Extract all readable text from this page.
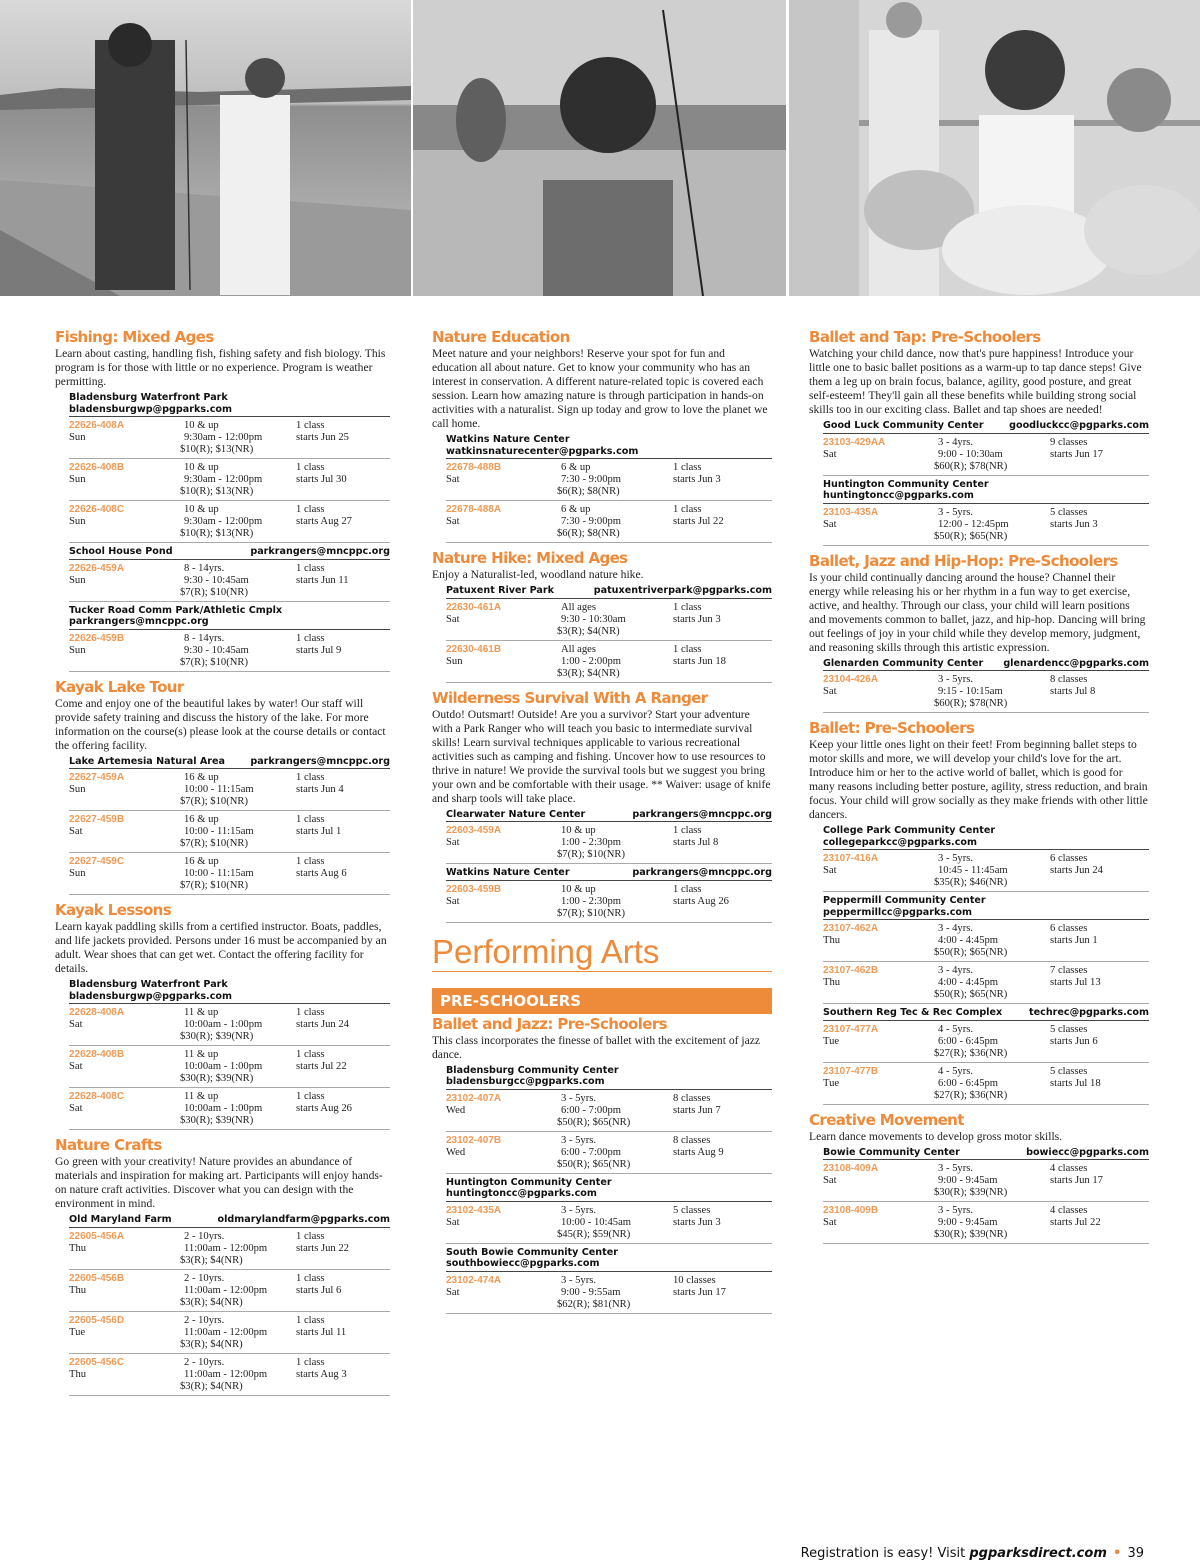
Fishing: Mixed Ages
Learn about casting, handling fish, fishing safety and fish biology. This program is for those with little or no experience. Program is weather permitting.
Bladensburg Waterfront Park
bladensburgwp@pgparks.com
22626-408A
Sun
10 & up
9:30am - 12:00pm
$10(R); $13(NR)
1 class
starts Jun 25
22626-408B
Sun
10 & up
9:30am - 12:00pm
$10(R); $13(NR)
1 class
starts Jul 30
22626-408C
Sun
10 & up
9:30am - 12:00pm
$10(R); $13(NR)
1 class
starts Aug 27
School House Pond	parkrangers@mncppc.org
22626-459A
Sun
8 - 14yrs.
9:30 - 10:45am
$7(R); $10(NR)
1 class
starts Jun 11
Tucker Road Comm Park/Athletic Cmplx
parkrangers@mncppc.org
22626-459B
Sun
8 - 14yrs.
9:30 - 10:45am
$7(R); $10(NR)
1 class
starts Jul 9
Kayak Lake Tour
Come and enjoy one of the beautiful lakes by water! Our staff will provide safety training and discuss the history of the lake. For more information on the course(s) please look at the course details or contact the offering facility.
Lake Artemesia Natural Area	parkrangers@mncppc.org
22627-459A
Sun
16 & up
10:00 - 11:15am
$7(R); $10(NR)
1 class
starts Jun 4
22627-459B
Sat
16 & up
10:00 - 11:15am
$7(R); $10(NR)
1 class
starts Jul 1
22627-459C
Sun
16 & up
10:00 - 11:15am
$7(R); $10(NR)
1 class
starts Aug 6
Kayak Lessons
Learn kayak paddling skills from a certified instructor. Boats, paddles, and life jackets provided. Persons under 16 must be accompanied by an adult. Wear shoes that can get wet. Contact the offering facility for details.
Bladensburg Waterfront Park
bladensburgwp@pgparks.com
22628-408A
Sat
11 & up
10:00am - 1:00pm
$30(R); $39(NR)
1 class
starts Jun 24
22628-408B
Sat
11 & up
10:00am - 1:00pm
$30(R); $39(NR)
1 class
starts Jul 22
22628-408C
Sat
11 & up
10:00am - 1:00pm
$30(R); $39(NR)
1 class
starts Aug 26
Nature Crafts
Go green with your creativity! Nature provides an abundance of materials and inspiration for making art. Participants will enjoy hands-on nature craft activities. Discover what you can design with the environment in mind.
Old Maryland Farm	oldmarylandfarm@pgparks.com
22605-456A
Thu
2 - 10yrs.
11:00am - 12:00pm
$3(R); $4(NR)
1 class
starts Jun 22
22605-456B
Thu
2 - 10yrs.
11:00am - 12:00pm
$3(R); $4(NR)
1 class
starts Jul 6
22605-456D
Tue
2 - 10yrs.
11:00am - 12:00pm
$3(R); $4(NR)
1 class
starts Jul 11
22605-456C
Thu
2 - 10yrs.
11:00am - 12:00pm
$3(R); $4(NR)
1 class
starts Aug 3
Nature Education
Meet nature and your neighbors! Reserve your spot for fun and education all about nature. Get to know your community who has an interest in conservation. A different nature-related topic is covered each session. Learn how amazing nature is through participation in hands-on activities with a naturalist. Sign up today and grow to love the planet we call home.
Watkins Nature Center
watkinsnaturecenter@pgparks.com
22678-488B
Sat
6 & up
7:30 - 9:00pm
$6(R); $8(NR)
1 class
starts Jun 3
22678-488A
Sat
6 & up
7:30 - 9:00pm
$6(R); $8(NR)
1 class
starts Jul 22
Nature Hike: Mixed Ages
Enjoy a Naturalist-led, woodland nature hike.
Patuxent River Park	patuxentriverpark@pgparks.com
22630-461A
Sat
All ages
9:30 - 10:30am
$3(R); $4(NR)
1 class
starts Jun 3
22630-461B
Sun
All ages
1:00 - 2:00pm
$3(R); $4(NR)
1 class
starts Jun 18
Wilderness Survival With A Ranger
Outdo! Outsmart! Outside! Are you a survivor? Start your adventure with a Park Ranger who will teach you basic to intermediate survival skills! Learn survival techniques applicable to various recreational activities such as camping and fishing. Uncover how to use resources to thrive in nature! We provide the survival tools but we suggest you bring your own and be comfortable with their usage. ** Waiver: usage of knife and sharp tools will take place.
Clearwater Nature Center	parkrangers@mncppc.org
22603-459A
Sat
10 & up
1:00 - 2:30pm
$7(R); $10(NR)
1 class
starts Jul 8
Watkins Nature Center	parkrangers@mncppc.org
22603-459B
Sat
10 & up
1:00 - 2:30pm
$7(R); $10(NR)
1 class
starts Aug 26
Performing Arts
PRE-SCHOOLERS
Ballet and Jazz: Pre-Schoolers
This class incorporates the finesse of ballet with the excitement of jazz dance.
Bladensburg Community Center
bladensburgcc@pgparks.com
23102-407A
Wed
3 - 5yrs.
6:00 - 7:00pm
$50(R); $65(NR)
8 classes
starts Jun 7
23102-407B
Wed
3 - 5yrs.
6:00 - 7:00pm
$50(R); $65(NR)
8 classes
starts Aug 9
Huntington Community Center
huntingtoncc@pgparks.com
23102-435A
Sat
3 - 5yrs.
10:00 - 10:45am
$45(R); $59(NR)
5 classes
starts Jun 3
South Bowie Community Center
southbowiecc@pgparks.com
23102-474A
Sat
3 - 5yrs.
9:00 - 9:55am
$62(R); $81(NR)
10 classes
starts Jun 17
Ballet and Tap: Pre-Schoolers
Watching your child dance, now that's pure happiness! Introduce your little one to basic ballet positions as a warm-up to tap dance steps! Give them a leg up on brain focus, balance, agility, good posture, and great self-esteem! They'll gain all these benefits while building strong social skills too in our exciting class. Ballet and tap shoes are needed!
Good Luck Community Center	goodluckcc@pgparks.com
23103-429AA
Sat
3 - 4yrs.
9:00 - 10:30am
$60(R); $78(NR)
9 classes
starts Jun 17
Huntington Community Center
huntingtoncc@pgparks.com
23103-435A
Sat
3 - 5yrs.
12:00 - 12:45pm
$50(R); $65(NR)
5 classes
starts Jun 3
Ballet, Jazz and Hip-Hop: Pre-Schoolers
Is your child continually dancing around the house? Channel their energy while releasing his or her rhythm in a fun way to get exercise, active, and healthy. Through our class, your child will learn positions and movements common to ballet, jazz, and hip-hop. Dancing will bring out feelings of joy in your child while they develop memory, judgment, and reasoning skills through this artistic expression.
Glenarden Community Center glenardencc@pgparks.com
23104-426A
Sat
3 - 5yrs.
9:15 - 10:15am
$60(R); $78(NR)
8 classes
starts Jul 8
Ballet: Pre-Schoolers
Keep your little ones light on their feet! From beginning ballet steps to motor skills and more, we will develop your child's love for the art. Introduce him or her to the active world of ballet, which is good for many reasons including better posture, agility, stress reduction, and brain focus. Your child will grow socially as they make friends with other little dancers.
College Park Community Center
collegeparkcc@pgparks.com
23107-416A
Sat
3 - 5yrs.
10:45 - 11:45am
$35(R); $46(NR)
6 classes
starts Jun 24
Peppermill Community Center
peppermillcc@pgparks.com
23107-462A
Thu
3 - 4yrs.
4:00 - 4:45pm
$50(R); $65(NR)
6 classes
starts Jun 1
23107-462B
Thu
3 - 4yrs.
4:00 - 4:45pm
$50(R); $65(NR)
7 classes
starts Jul 13
Southern Reg Tec & Rec Complex	techrec@pgparks.com
23107-477A
Tue
4 - 5yrs.
6:00 - 6:45pm
$27(R); $36(NR)
5 classes
starts Jun 6
23107-477B
Tue
4 - 5yrs.
6:00 - 6:45pm
$27(R); $36(NR)
5 classes
starts Jul 18
Creative Movement
Learn dance movements to develop gross motor skills.
Bowie Community Center	bowiecc@pgparks.com
23108-409A
Sat
3 - 5yrs.
9:00 - 9:45am
$30(R); $39(NR)
4 classes
starts Jun 17
23108-409B
Sat
3 - 5yrs.
9:00 - 9:45am
$30(R); $39(NR)
4 classes
starts Jul 22
Registration is easy! Visit pgparksdirect.com • 39
